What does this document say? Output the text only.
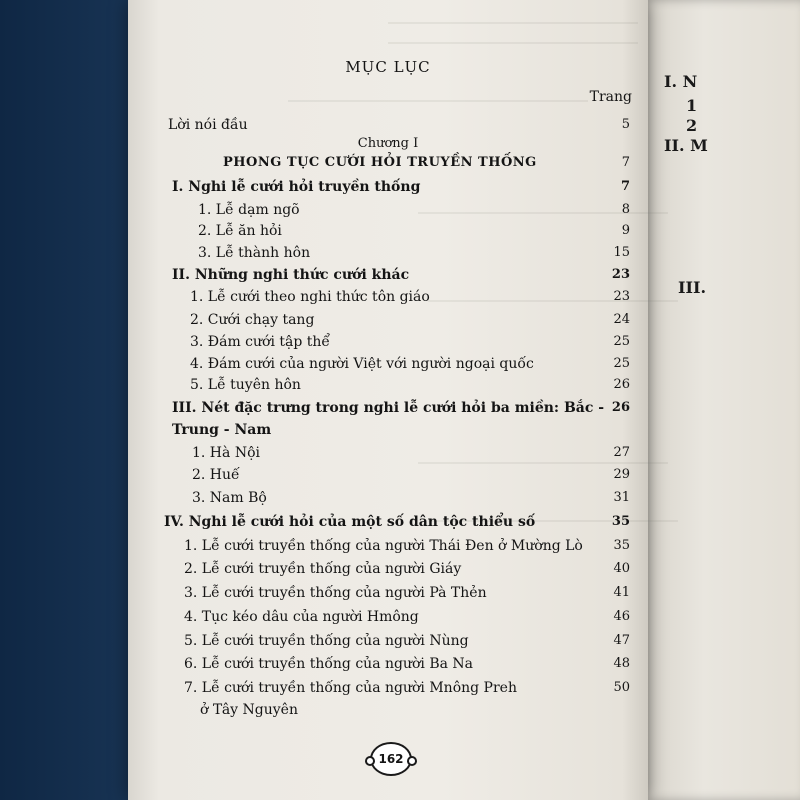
I. N
1
2
II. M
III.
MỤC LỤC
Trang
Lời nói đầu	5
Chương I
PHONG TỤC CƯỚI HỎI TRUYỀN THỐNG	7
I. Nghi lễ cưới hỏi truyền thống	7
1. Lễ dạm ngõ	8
2. Lễ ăn hỏi	9
3. Lễ thành hôn	15
II. Những nghi thức cưới khác	23
1. Lễ cưới theo nghi thức tôn giáo	23
2. Cưới chạy tang	24
3. Đám cưới tập thể	25
4. Đám cưới của người Việt với người ngoại quốc	25
5. Lễ tuyên hôn	26
III. Nét đặc trưng trong nghi lễ cưới hỏi ba miền: Bắc - 26
Trung - Nam
1. Hà Nội	27
2. Huế	29
3. Nam Bộ	31
IV. Nghi lễ cưới hỏi của một số dân tộc thiểu số	35
1. Lễ cưới truyền thống của người Thái Đen ở Mường Lò 35
2. Lễ cưới truyền thống của người Giáy	40
3. Lễ cưới truyền thống của người Pà Thẻn	41
4. Tục kéo dâu của người Hmông	46
5. Lễ cưới truyền thống của người Nùng	47
6. Lễ cưới truyền thống của người Ba Na	48
7. Lễ cưới truyền thống của người Mnông Preh	50
ở Tây Nguyên
162
